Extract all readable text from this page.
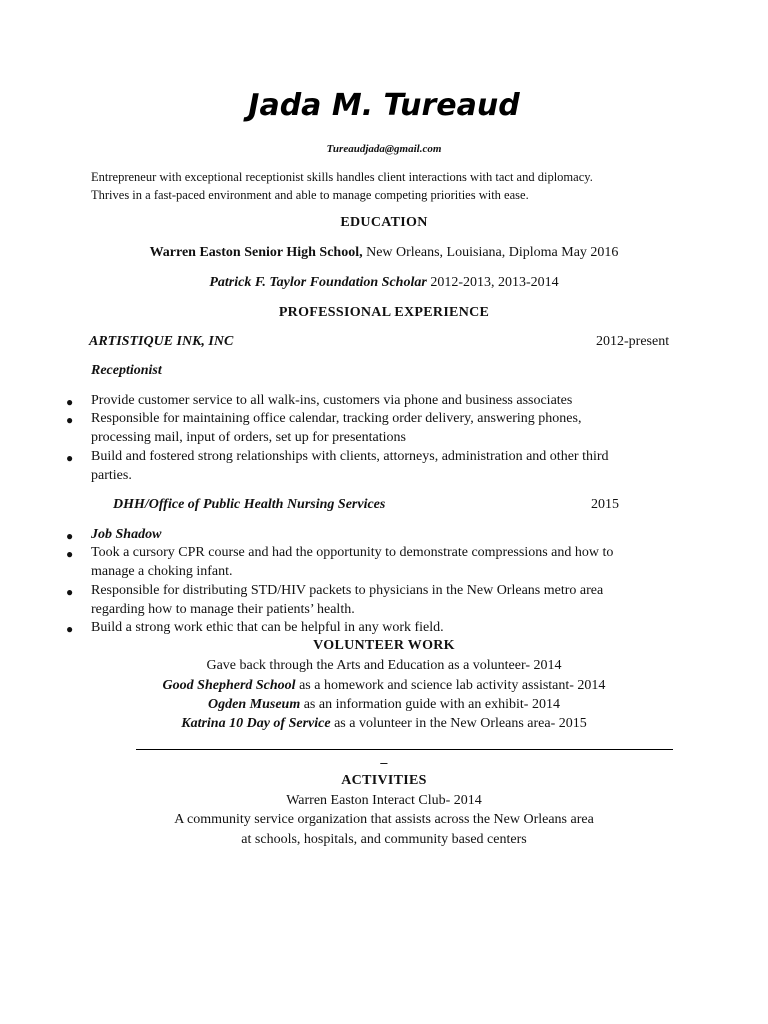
Jada M. Tureaud
Tureaudjada@gmail.com
Entrepreneur with exceptional receptionist skills handles client interactions with tact and diplomacy.
Thrives in a fast-paced environment and able to manage competing priorities with ease.
EDUCATION
Warren Easton Senior High School, New Orleans, Louisiana, Diploma May 2016
Patrick F. Taylor Foundation Scholar 2012-2013, 2013-2014
PROFESSIONAL EXPERIENCE
ARTISTIQUE INK, INC	2012-present
Receptionist
● Provide customer service to all walk-ins, customers via phone and business associates
● Responsible for maintaining office calendar, tracking order delivery, answering phones,
processing mail, input of orders, set up for presentations
● Build and fostered strong relationships with clients, attorneys, administration and other third
parties.
DHH/Office of Public Health Nursing Services	2015
● Job Shadow
● Took a cursory CPR course and had the opportunity to demonstrate compressions and how to
manage a choking infant.
● Responsible for distributing STD/HIV packets to physicians in the New Orleans metro area
regarding how to manage their patients’ health.
● Build a strong work ethic that can be helpful in any work field.
VOLUNTEER WORK
Gave back through the Arts and Education as a volunteer- 2014
Good Shepherd School as a homework and science lab activity assistant- 2014
Ogden Museum as an information guide with an exhibit- 2014
Katrina 10 Day of Service as a volunteer in the New Orleans area- 2015
_
ACTIVITIES
Warren Easton Interact Club- 2014
A community service organization that assists across the New Orleans area
at schools, hospitals, and community based centers
